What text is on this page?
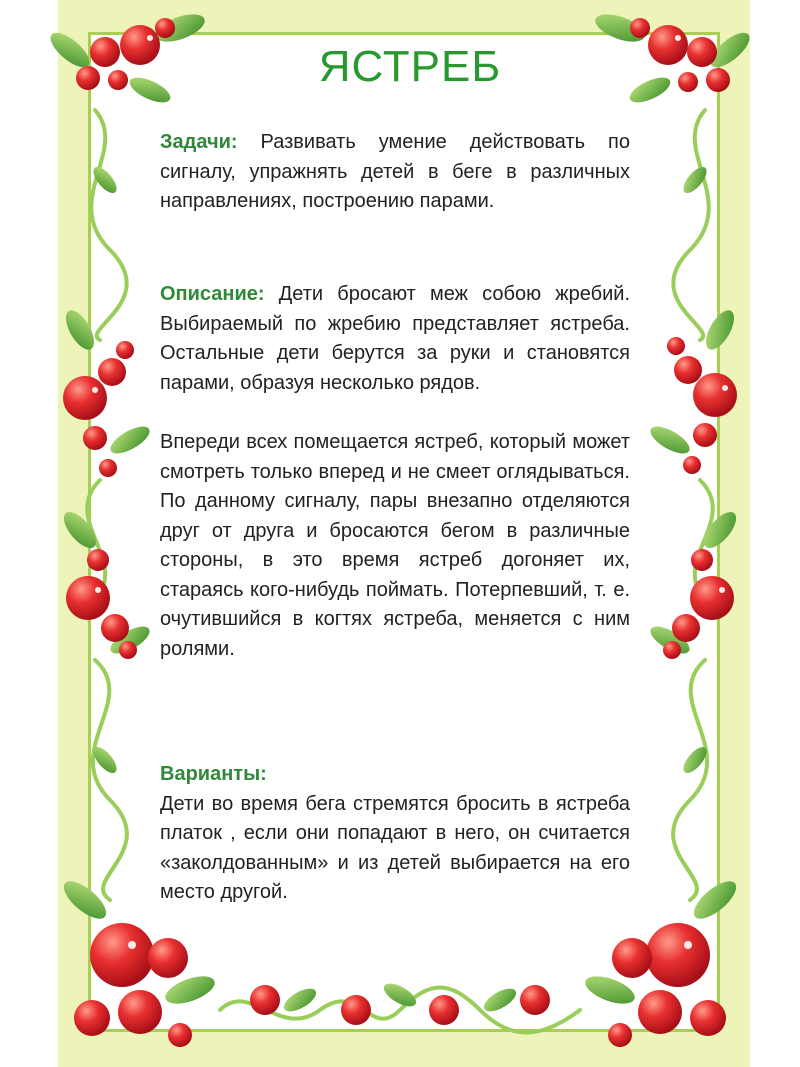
ЯСТРЕБ
Задачи: Развивать умение действовать по сигналу, упражнять детей в беге в различных направлениях, построению парами.
Описание: Дети бросают меж собою жребий. Выбираемый по жребию представляет ястреба. Остальные дети берутся за руки и становятся парами, образуя несколько рядов.
Впереди всех помещается ястреб, который может смотреть только вперед и не смеет оглядываться. По данному сигналу, пары внезапно отделяются друг от друга и бросаются бегом в различные стороны, в это время ястреб догоняет их, стараясь кого-нибудь поймать. Потерпевший, т. е. очутившийся в когтях ястреба, меняется с ним ролями.
Варианты:
Дети во время бега стремятся бросить в ястреба платок , если они попадают в него, он считается «заколдованным» и из детей выбирается на его место другой.
